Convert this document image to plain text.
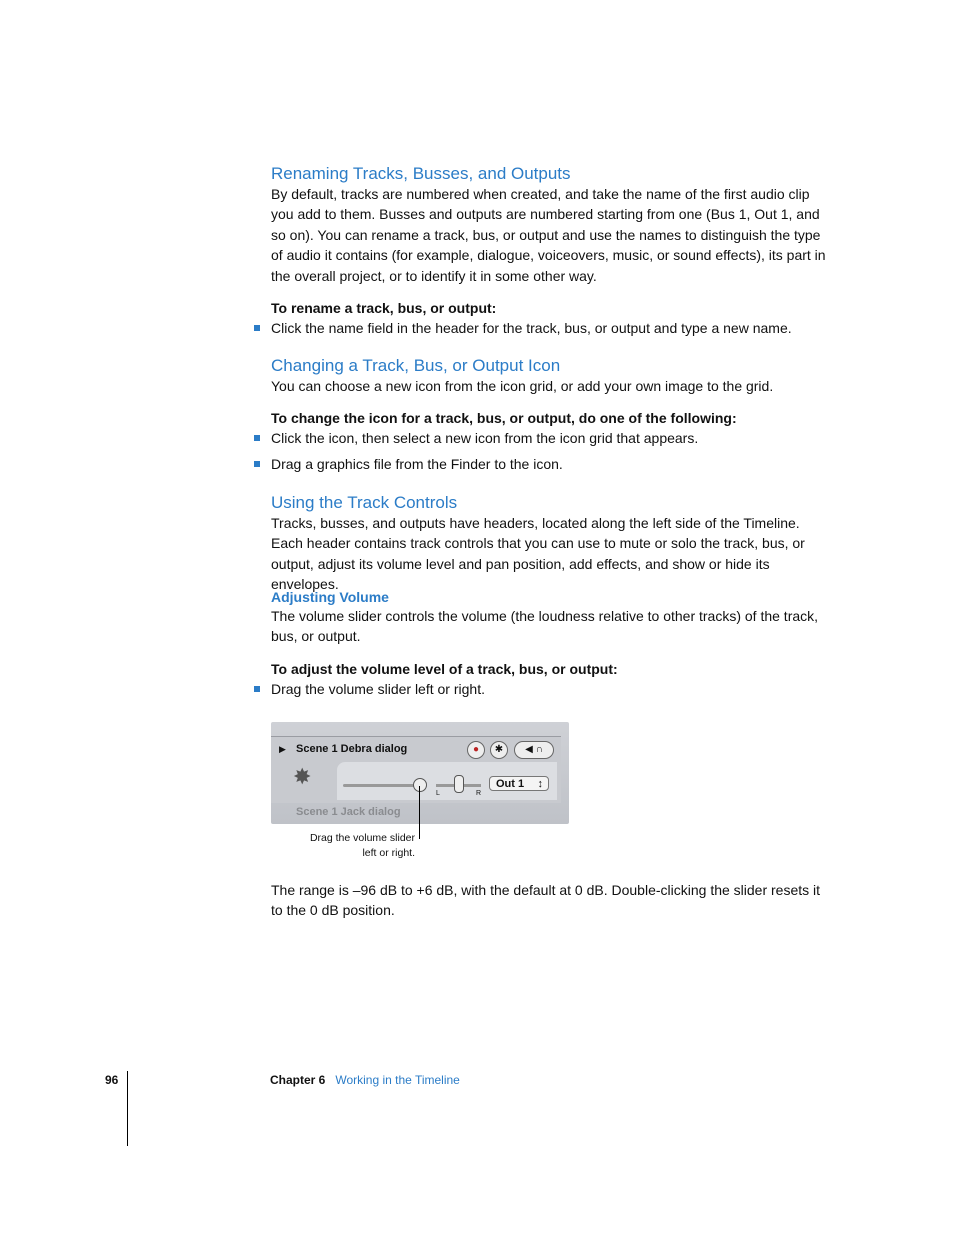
Renaming Tracks, Busses, and Outputs

By default, tracks are numbered when created, and take the name of the first audio clip you add to them. Busses and outputs are numbered starting from one (Bus 1, Out 1, and so on). You can rename a track, bus, or output and use the names to distinguish the type of audio it contains (for example, dialogue, voiceovers, music, or sound effects), its part in the overall project, or to identify it in some other way.

To rename a track, bus, or output:
Click the name field in the header for the track, bus, or output and type a new name.
Changing a Track, Bus, or Output Icon

You can choose a new icon from the icon grid, or add your own image to the grid.

To change the icon for a track, bus, or output, do one of the following:
Click the icon, then select a new icon from the icon grid that appears.
Drag a graphics file from the Finder to the icon.
Using the Track Controls

Tracks, busses, and outputs have headers, located along the left side of the Timeline. Each header contains track controls that you can use to mute or solo the track, bus, or output, adjust its volume level and pan position, add effects, and show or hide its envelopes.

Adjusting Volume

The volume slider controls the volume (the loudness relative to other tracks) of the track, bus, or output.

To adjust the volume level of a track, bus, or output:
Drag the volume slider left or right.
▶ Scene 1 Debra dialog	●	✱	◀ ∩
✸
L	R
Out 1 ↕
Scene 1 Jack dialog
Drag the volume slider left or right.

The range is –96 dB to +6 dB, with the default at 0 dB. Double-clicking the slider resets it to the 0 dB position.

96	Chapter 6 Working in the Timeline
